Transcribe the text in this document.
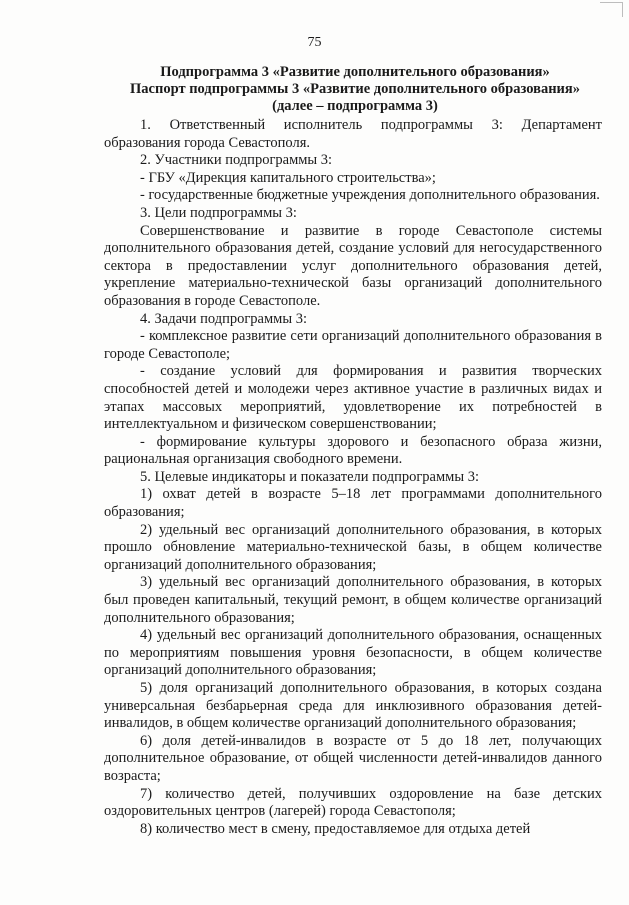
75
Подпрограмма 3 «Развитие дополнительного образования»
Паспорт подпрограммы 3 «Развитие дополнительного образования»
(далее – подпрограмма 3)

1. Ответственный исполнитель подпрограммы 3: Департамент образования города Севастополя.

2. Участники подпрограммы 3:

- ГБУ «Дирекция капитального строительства»;

- государственные бюджетные учреждения дополнительного образования.

3. Цели подпрограммы 3:

Совершенствование и развитие в городе Севастополе системы дополнительного образования детей, создание условий для негосударственного сектора в предоставлении услуг дополнительного образования детей, укрепление материально-технической базы организаций дополнительного образования в городе Севастополе.

4. Задачи подпрограммы 3:

- комплексное развитие сети организаций дополнительного образования в городе Севастополе;

- создание условий для формирования и развития творческих способностей детей и молодежи через активное участие в различных видах и этапах массовых мероприятий, удовлетворение их потребностей в интеллектуальном и физическом совершенствовании;

- формирование культуры здорового и безопасного образа жизни, рациональная организация свободного времени.

5. Целевые индикаторы и показатели подпрограммы 3:

1) охват детей в возрасте 5–18 лет программами дополнительного образования;

2) удельный вес организаций дополнительного образования, в которых прошло обновление материально-технической базы, в общем количестве организаций дополнительного образования;

3) удельный вес организаций дополнительного образования, в которых был проведен капитальный, текущий ремонт, в общем количестве организаций дополнительного образования;

4) удельный вес организаций дополнительного образования, оснащенных по мероприятиям повышения уровня безопасности, в общем количестве организаций дополнительного образования;

5) доля организаций дополнительного образования, в которых создана универсальная безбарьерная среда для инклюзивного образования детей-инвалидов, в общем количестве организаций дополнительного образования;

6) доля детей-инвалидов в возрасте от 5 до 18 лет, получающих дополнительное образование, от общей численности детей-инвалидов данного возраста;

7) количество детей, получивших оздоровление на базе детских оздоровительных центров (лагерей) города Севастополя;

8) количество мест в смену, предоставляемое для отдыха детей
